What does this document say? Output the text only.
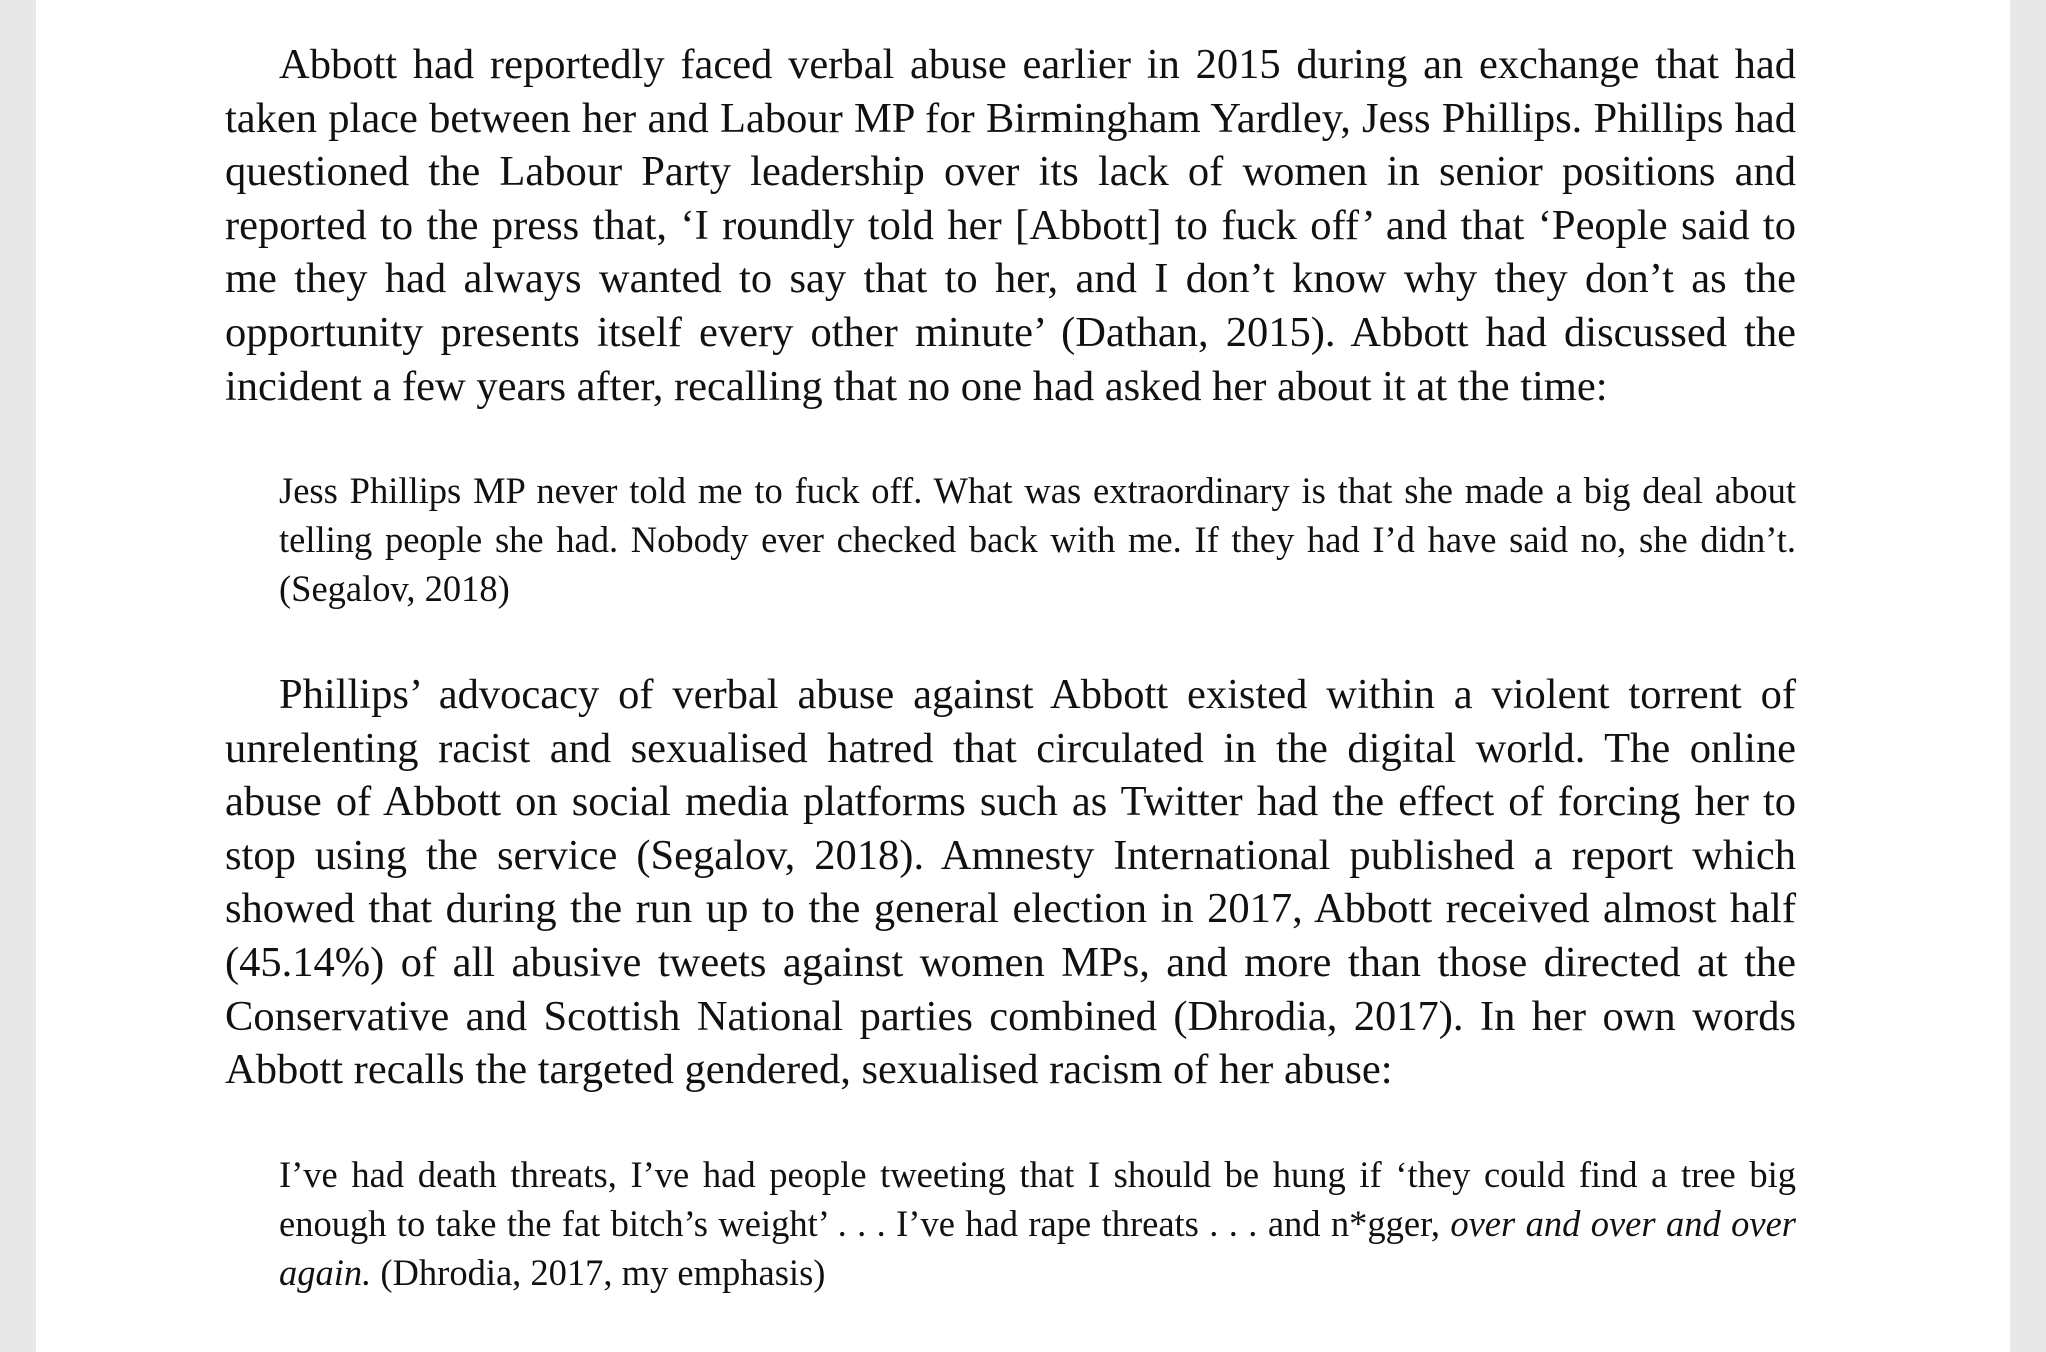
Abbott had reportedly faced verbal abuse earlier in 2015 during an exchange that had taken place between her and Labour MP for Birmingham Yardley, Jess Phillips. Phillips had questioned the Labour Party leadership over its lack of women in senior positions and reported to the press that, ‘I roundly told her [Abbott] to fuck off’ and that ‘People said to me they had always wanted to say that to her, and I don’t know why they don’t as the opportunity presents itself every other minute’ (Dathan, 2015). Abbott had discussed the incident a few years after, recalling that no one had asked her about it at the time:

Jess Phillips MP never told me to fuck off. What was extraordinary is that she made a big deal about telling people she had. Nobody ever checked back with me. If they had I’d have said no, she didn’t. (Segalov, 2018)

Phillips’ advocacy of verbal abuse against Abbott existed within a violent torrent of unrelenting racist and sexualised hatred that circulated in the digital world. The online abuse of Abbott on social media platforms such as Twitter had the effect of forcing her to stop using the service (Segalov, 2018). Amnesty International published a report which showed that during the run up to the general election in 2017, Abbott received almost half (45.14%) of all abusive tweets against women MPs, and more than those directed at the Conservative and Scottish National parties combined (Dhrodia, 2017). In her own words Abbott recalls the targeted gendered, sexualised racism of her abuse:

I’ve had death threats, I’ve had people tweeting that I should be hung if ‘they could find a tree big enough to take the fat bitch’s weight’ . . . I’ve had rape threats . . . and n*gger, over and over and over again. (Dhrodia, 2017, my emphasis)
